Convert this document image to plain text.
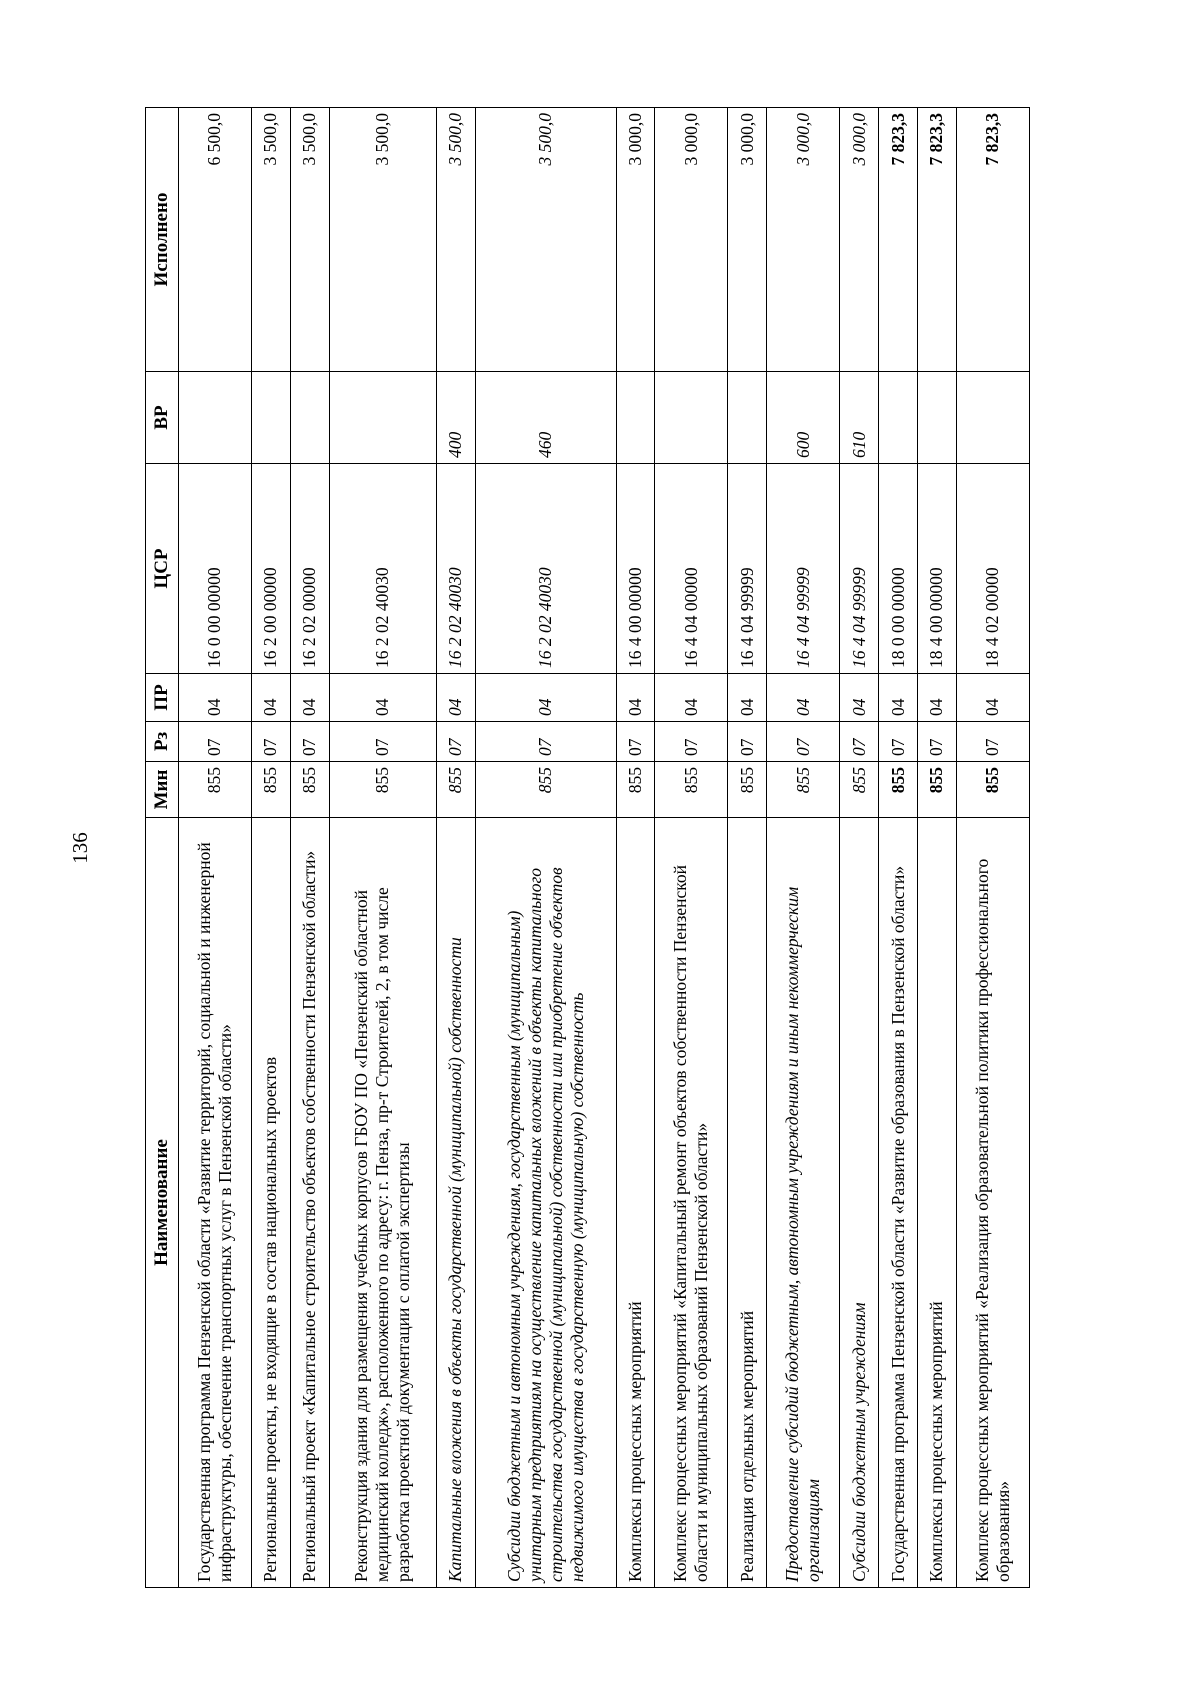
136
Наименование	Мин	Рз	ПР	ЦСР	ВР	Исполнено
Государственная программа Пензенской области «Развитие территорий, социальной и инженерной инфраструктуры, обеспечение транспортных услуг в Пензенской области»	855	07	04	16 0 00 00000		6 500,0
Региональные проекты, не входящие в состав национальных проектов	855	07	04	16 2 00 00000		3 500,0
Региональный проект «Капитальное строительство объектов собственности Пензенской области»	855	07	04	16 2 02 00000		3 500,0
Реконструкция здания для размещения учебных корпусов ГБОУ ПО «Пензенский областной медицинский колледж», расположенного по адресу: г. Пенза, пр-т Строителей, 2, в том числе разработка проектной документации с оплатой экспертизы	855	07	04	16 2 02 40030		3 500,0
Капитальные вложения в объекты государственной (муниципальной) собственности	855	07	04	16 2 02 40030	400	3 500,0
Субсидии бюджетным и автономным учреждениям, государственным (муниципальным) унитарным предприятиям на осуществление капитальных вложений в объекты капитального строительства государственной (муниципальной) собственности или приобретение объектов недвижимого имущества в государственную (муниципальную) собственность	855	07	04	16 2 02 40030	460	3 500,0
Комплексы процессных мероприятий	855	07	04	16 4 00 00000		3 000,0
Комплекс процессных мероприятий «Капитальный ремонт объектов собственности Пензенской области и муниципальных образований Пензенской области»	855	07	04	16 4 04 00000		3 000,0
Реализация отдельных мероприятий	855	07	04	16 4 04 99999		3 000,0
Предоставление субсидий бюджетным, автономным учреждениям и иным некоммерческим организациям	855	07	04	16 4 04 99999	600	3 000,0
Субсидии бюджетным учреждениям	855	07	04	16 4 04 99999	610	3 000,0
Государственная программа Пензенской области «Развитие образования в Пензенской области»	855	07	04	18 0 00 00000		7 823,3
Комплексы процессных мероприятий	855	07	04	18 4 00 00000		7 823,3
Комплекс процессных мероприятий «Реализация образовательной политики профессионального образования»	855	07	04	18 4 02 00000		7 823,3
